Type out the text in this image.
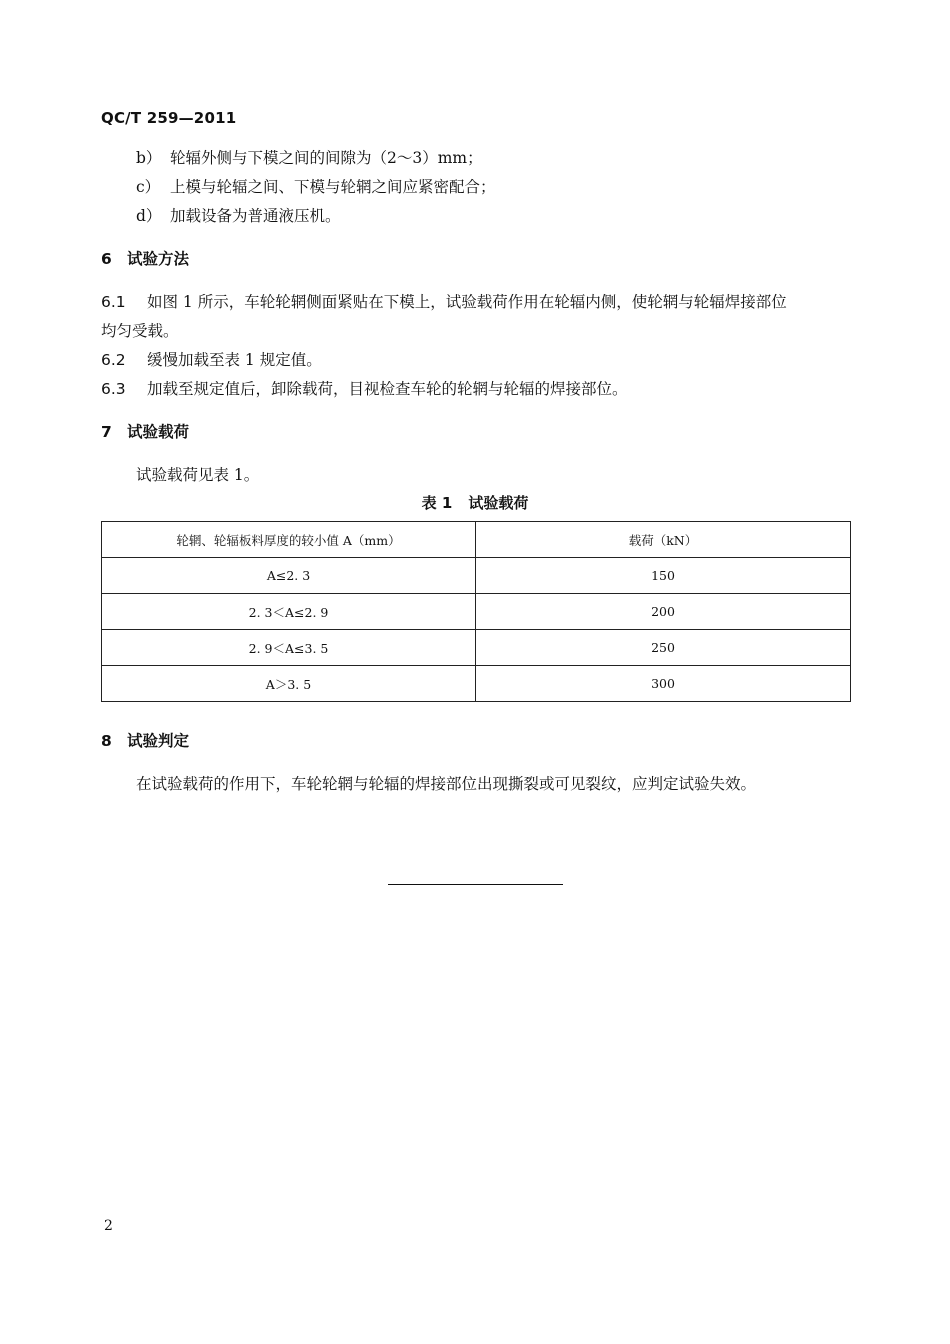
QC/T 259—2011
b） 轮辐外侧与下模之间的间隙为（2～3）mm；
c） 上模与轮辐之间、下模与轮辋之间应紧密配合；
d） 加载设备为普通液压机。
6 试验方法
6.1 如图 1 所示，车轮轮辋侧面紧贴在下模上，试验载荷作用在轮辐内侧，使轮辋与轮辐焊接部位
均匀受载。
6.2 缓慢加载至表 1 规定值。
6.3 加载至规定值后，卸除载荷，目视检查车轮的轮辋与轮辐的焊接部位。
7 试验载荷
试验载荷见表 1。
表 1 试验载荷
轮辋、轮辐板料厚度的较小值 A（mm）	载荷（kN）
A≤2. 3	150
2. 3＜A≤2. 9	200
2. 9＜A≤3. 5	250
A＞3. 5	300
8 试验判定
在试验载荷的作用下，车轮轮辋与轮辐的焊接部位出现撕裂或可见裂纹，应判定试验失效。
2
